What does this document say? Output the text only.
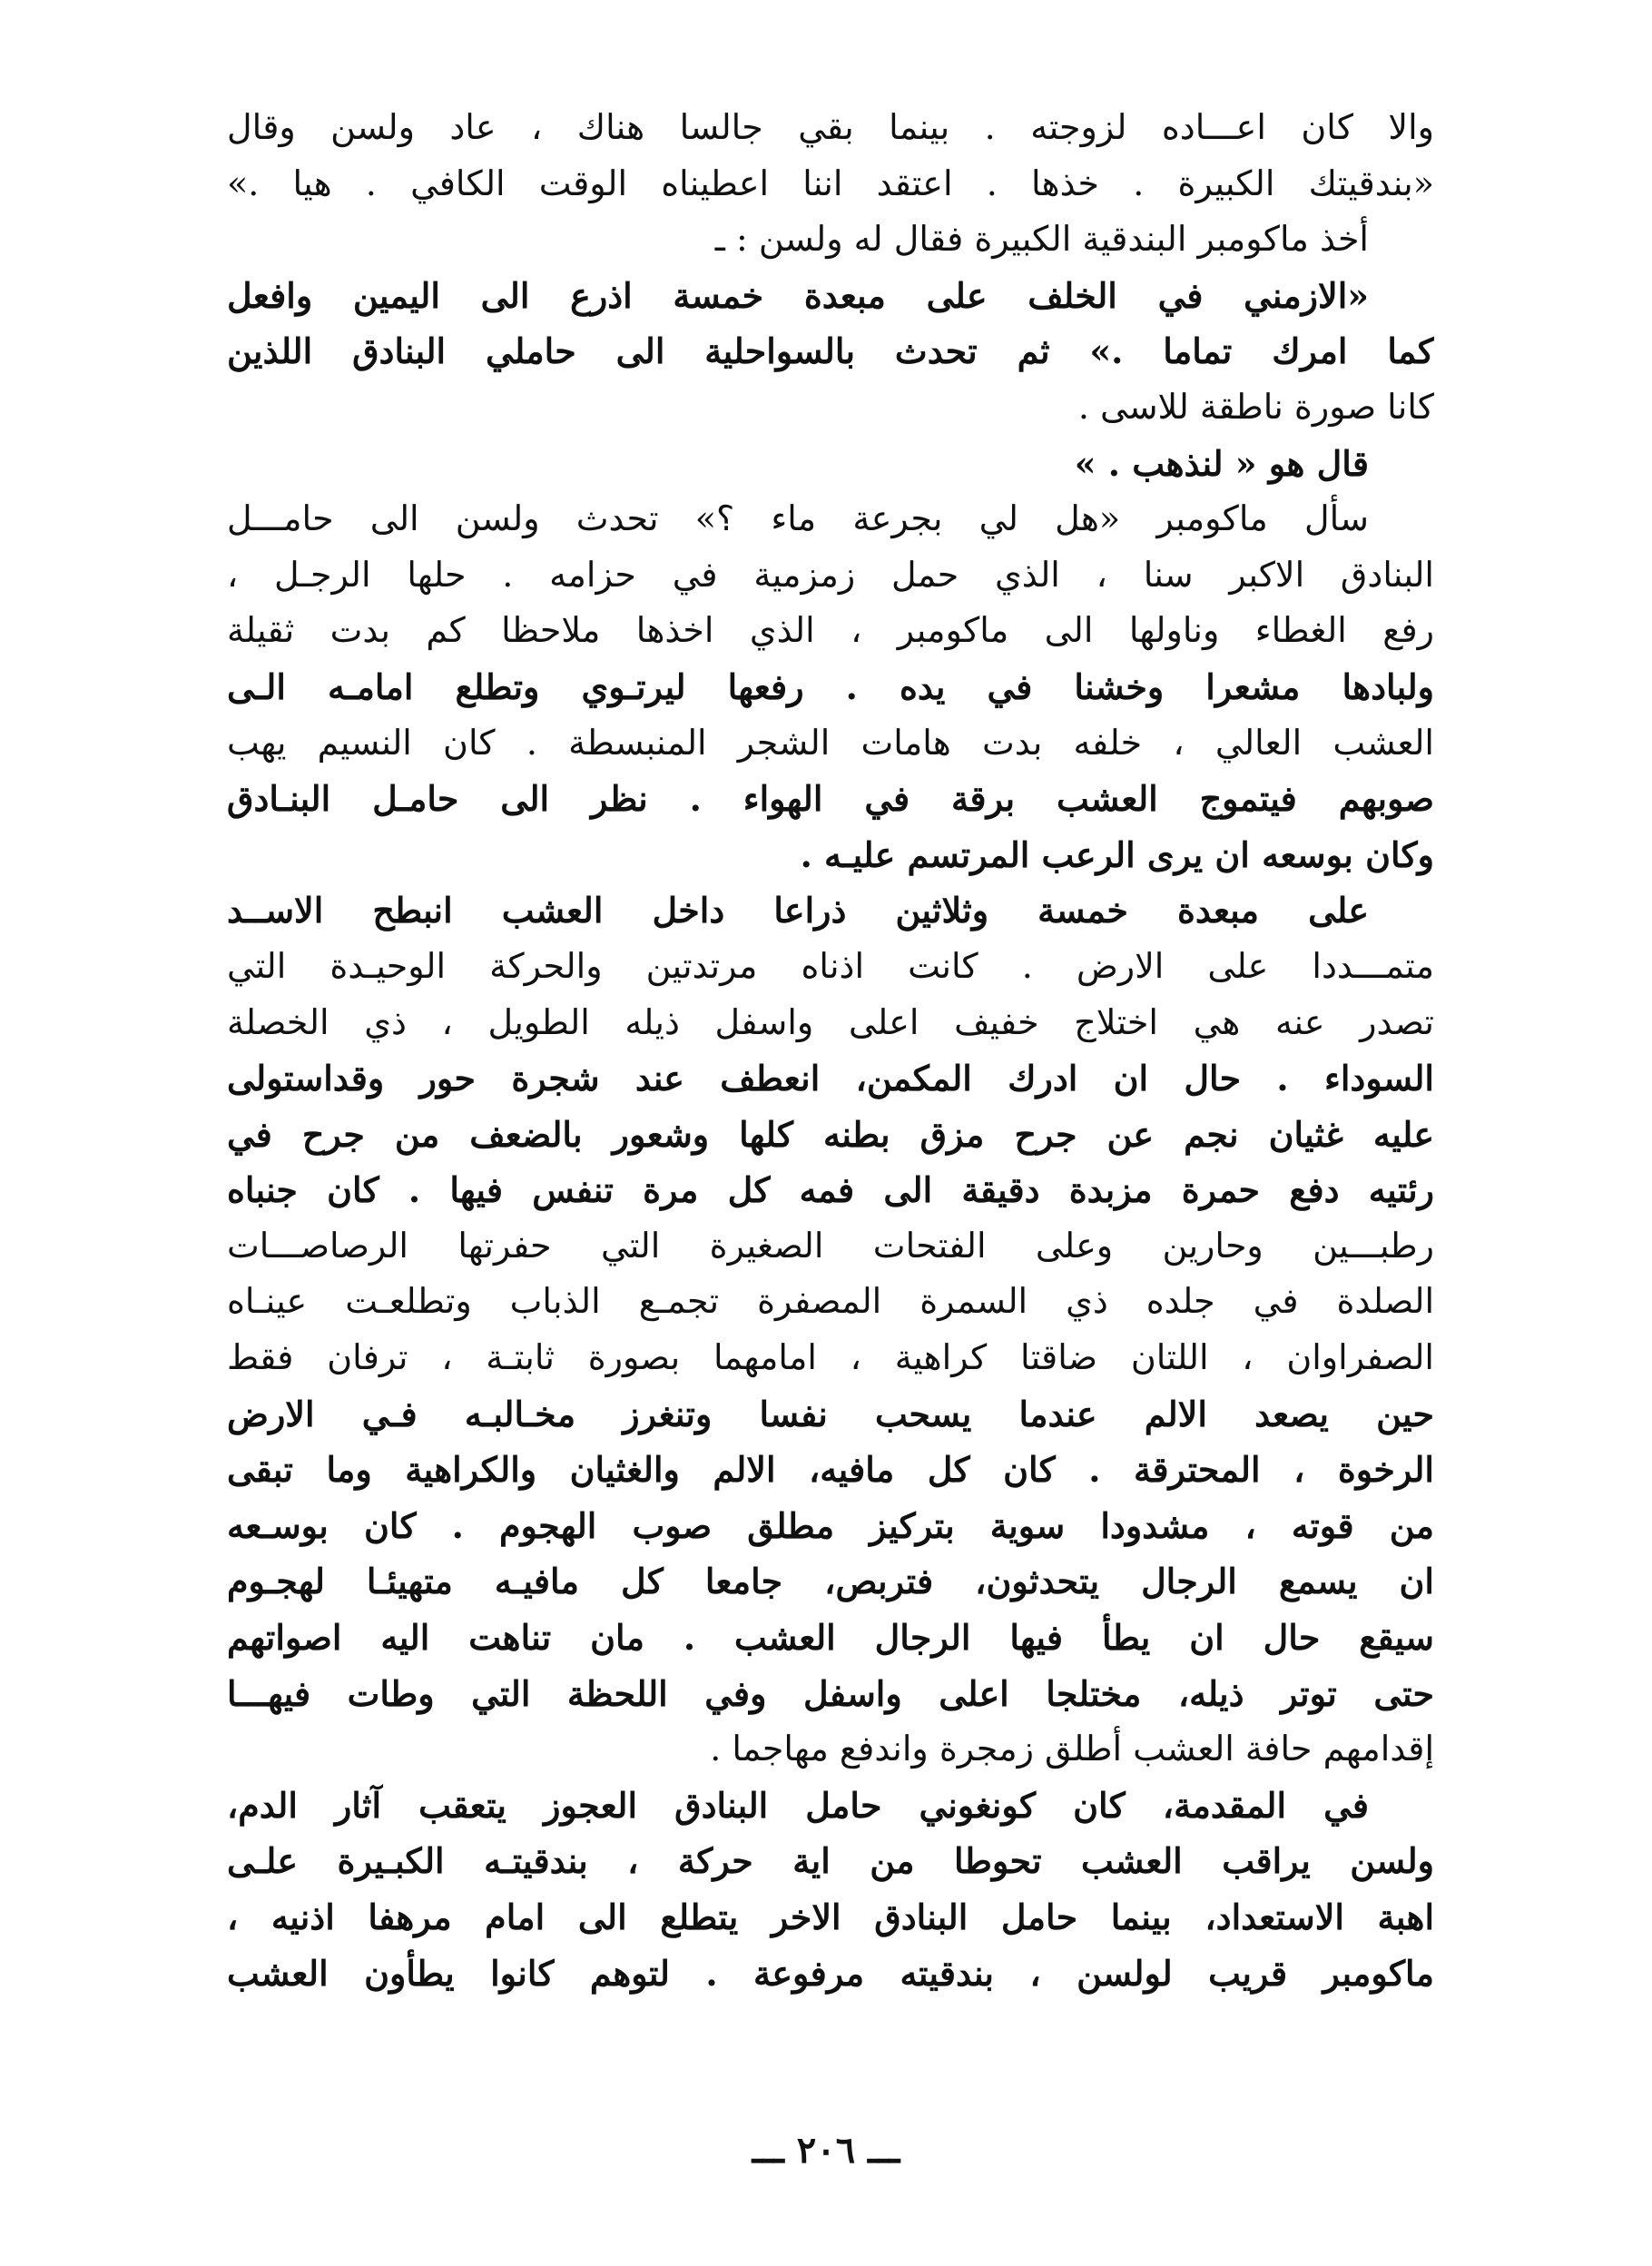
والا كان اعـــاده لزوجته . بينما بقي جالسا هناك ، عاد ولسن وقال
«بندقيتك الكبيرة . خذها . اعتقد اننا اعطيناه الوقت الكافي . هيا .»
أخذ ماكومبر البندقية الكبيرة فقال له ولسن : ـ
«الازمني في الخلف على مبعدة خمسة اذرع الى اليمين وافعل
كما امرك تماما .» ثم تحدث بالسواحلية الى حاملي البنادق اللذين
كانا صورة ناطقة للاسى .
قال هو « لنذهب . »
سأل ماكومبر «هل لي بجرعة ماء ؟» تحدث ولسن الى حامـــل
البنادق الاكبر سنا ، الذي حمل زمزمية في حزامه . حلها الرجـل ،
رفع الغطاء وناولها الى ماكومبر ، الذي اخذها ملاحظا كم بدت ثقيلة
ولبادها مشعرا وخشنا في يده . رفعها ليرتـوي وتطلع امامـه الـى
العشب العالي ، خلفه بدت هامات الشجر المنبسطة . كان النسيم يهب
صوبهم فيتموج العشب برقة في الهواء . نظر الى حامـل البنـادق
وكان بوسعه ان يرى الرعب المرتسم عليـه .
على مبعدة خمسة وثلاثين ذراعا داخل العشب انبطح الاســد
متمـــددا على الارض . كانت اذناه مرتدتين والحركة الوحيـدة التي
تصدر عنه هي اختلاج خفيف اعلى واسفل ذيله الطويل ، ذي الخصلة
السوداء . حال ان ادرك المكمن، انعطف عند شجرة حور وقداستولى
عليه غثيان نجم عن جرح مزق بطنه كلها وشعور بالضعف من جرح في
رئتيه دفع حمرة مزبدة دقيقة الى فمه كل مرة تنفس فيها . كان جنباه
رطبـــين وحارين وعلى الفتحات الصغيرة التي حفرتها الرصاصـــات
الصلدة في جلده ذي السمرة المصفرة تجمـع الذباب وتطلعـت عينـاه
الصفراوان ، اللتان ضاقتا كراهية ، امامهما بصورة ثابتـة ، ترفان فقط
حين يصعد الالم عندما يسحب نفسا وتنغرز مخـالبـه فـي الارض
الرخوة ، المحترقة . كان كل مافيه، الالم والغثيان والكراهية وما تبقى
من قوته ، مشدودا سوية بتركيز مطلق صوب الهجوم . كان بوسـعه
ان يسمع الرجال يتحدثون، فتربص، جامعا كل مافيـه متهيئـا لهجـوم
سيقع حال ان يطأ فيها الرجال العشب . مان تناهت اليه اصواتهم
حتى توتر ذيله، مختلجا اعلى واسفل وفي اللحظة التي وطات فيهـــا
إقدامهم حافة العشب أطلق زمجرة واندفع مهاجما .
في المقدمة، كان كونغوني حامل البنادق العجوز يتعقب آثار الدم،
ولسن يراقب العشب تحوطا من اية حركة ، بندقيتـه الكبـيرة علـى
اهبة الاستعداد، بينما حامل البنادق الاخر يتطلع الى امام مرهفا اذنيه ،
ماكومبر قريب لولسن ، بندقيته مرفوعة . لتوهم كانوا يطأون العشب
ـــ ٢٠٦ ـــ
